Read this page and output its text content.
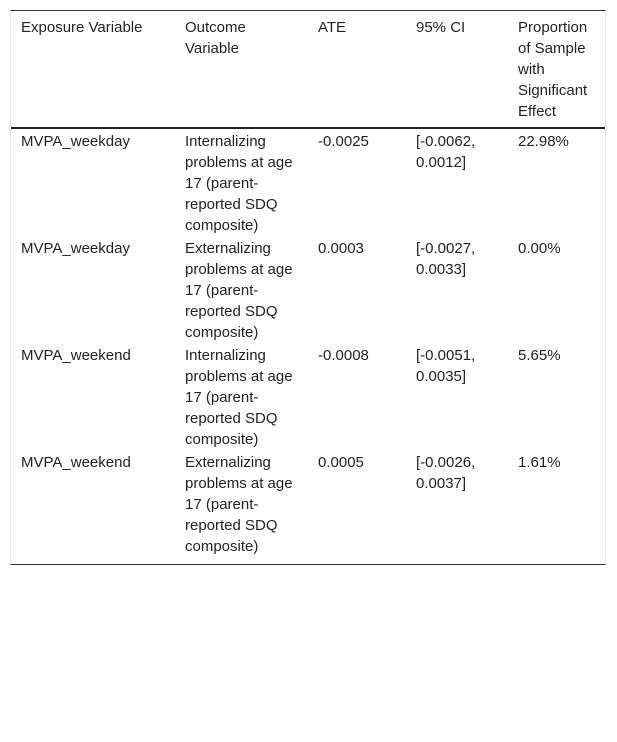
Exposure Variable	Outcome Variable	ATE	95% CI	Proportion of Sample with Significant Effect

MVPA_weekday	Internalizing problems at age 17 (parent-reported SDQ composite)	-0.0025	[-0.0062, 0.0012]	22.98%

MVPA_weekday	Externalizing problems at age 17 (parent-reported SDQ composite)	0.0003	[-0.0027, 0.0033]	0.00%

MVPA_weekend	Internalizing problems at age 17 (parent-reported SDQ composite)	-0.0008	[-0.0051, 0.0035]	5.65%

MVPA_weekend	Externalizing problems at age 17 (parent-reported SDQ composite)	0.0005	[-0.0026, 0.0037]	1.61%
